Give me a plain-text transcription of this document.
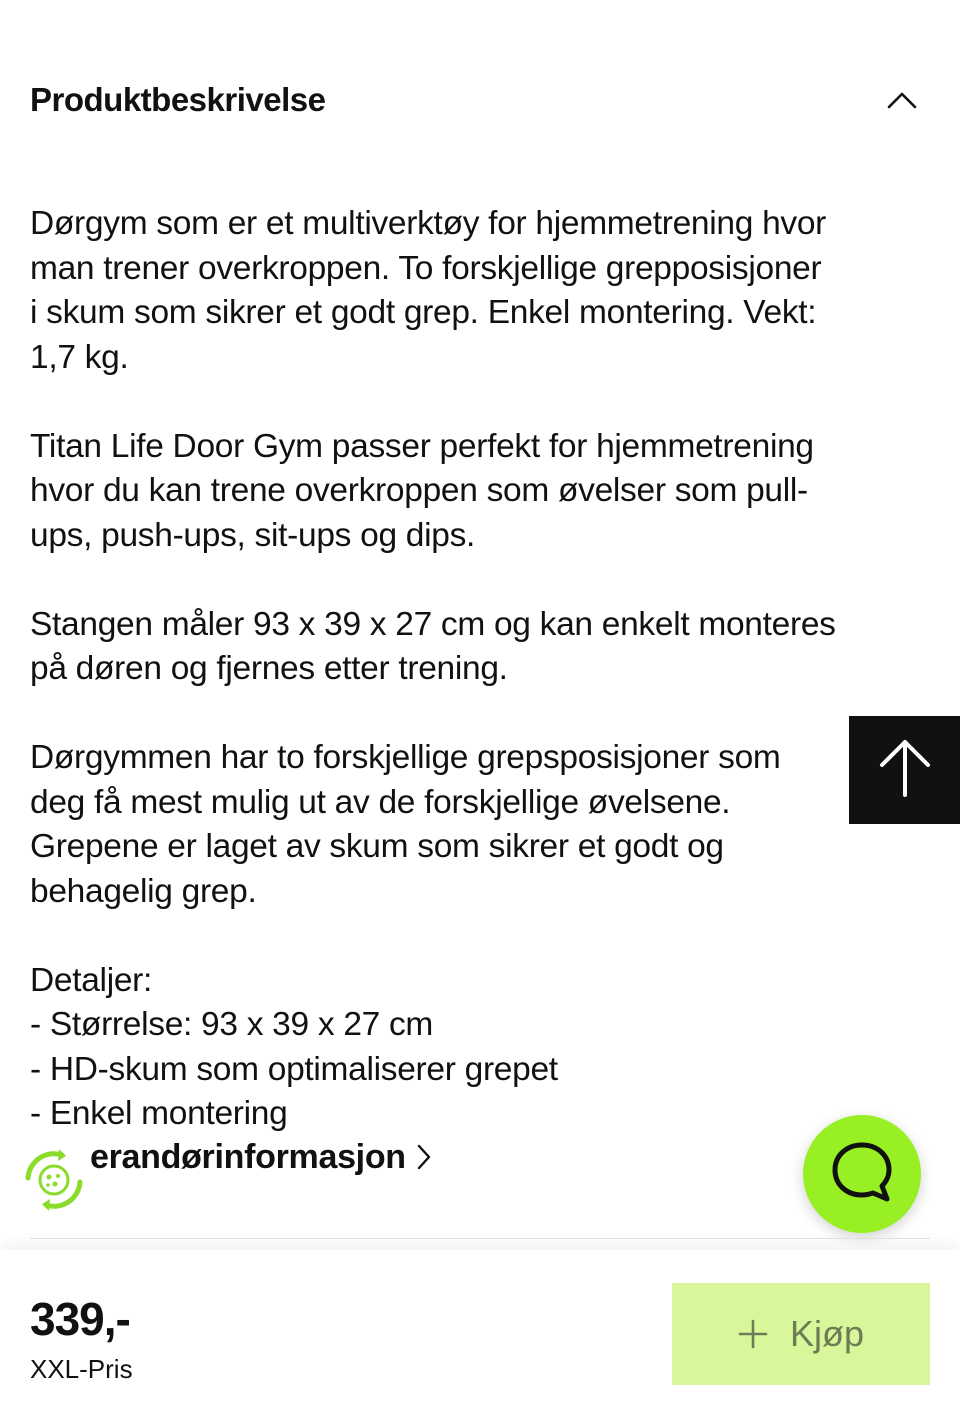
Produktbeskrivelse

Dørgym som er et multiverktøy for hjemmetrening hvor
man trener overkroppen. To forskjellige grepposisjoner
i skum som sikrer et godt grep. Enkel montering. Vekt:
1,7 kg.

Titan Life Door Gym passer perfekt for hjemmetrening
hvor du kan trene overkroppen som øvelser som pull-
ups, push-ups, sit-ups og dips.

Stangen måler 93 x 39 x 27 cm og kan enkelt monteres
på døren og fjernes etter trening.

Dørgymmen har to forskjellige grepsposisjoner som
deg få mest mulig ut av de forskjellige øvelsene.
Grepene er laget av skum som sikrer et godt og
behagelig grep.

Detaljer:
- Størrelse: 93 x 39 x 27 cm
- HD-skum som optimaliserer grepet
- Enkel montering

erandørinformasjon
339,-
XXL-Pris
Kjøp
